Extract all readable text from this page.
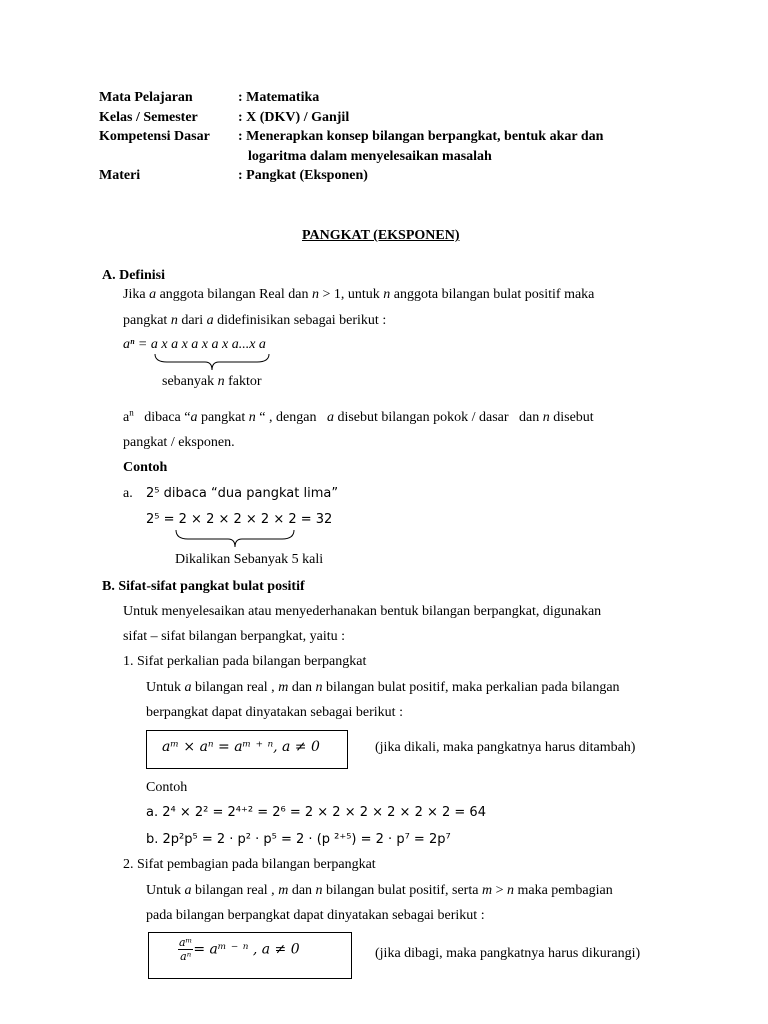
Mata Pelajaran	: Matematika
Kelas / Semester	: X (DKV) / Ganjil
Kompetensi Dasar	: Menerapkan konsep bilangan berpangkat, bentuk akar dan
	logaritma dalam menyelesaikan masalah
Materi	: Pangkat (Eksponen)
PANGKAT (EKSPONEN)
A. Definisi
Jika a anggota bilangan Real dan n > 1, untuk n anggota bilangan bulat positif maka
pangkat n dari a didefinisikan sebagai berikut :
aⁿ = a x a x a x a x a...x a
sebanyak n faktor
$a^n$   dibaca “a pangkat n “ , dengan   a disebut bilangan pokok / dasar   dan n disebut
pangkat / eksponen.
Contoh
a. 2⁵ dibaca “dua pangkat lima”
2⁵ = 2 × 2 × 2 × 2 × 2 = 32
Dikalikan Sebanyak 5 kali
B. Sifat-sifat pangkat bulat positif
Untuk menyelesaikan atau menyederhanakan bentuk bilangan berpangkat, digunakan
sifat – sifat bilangan berpangkat, yaitu :
1. Sifat perkalian pada bilangan berpangkat
Untuk a bilangan real , m dan n bilangan bulat positif, maka perkalian pada bilangan
berpangkat dapat dinyatakan sebagai berikut :
aᵐ × aⁿ = aᵐ ⁺ ⁿ, a ≠ 0	(jika dikali, maka pangkatnya harus ditambah)
Contoh
a. 2⁴ × 2² = 2⁴⁺² = 2⁶ = 2 × 2 × 2 × 2 × 2 × 2 = 64
b. 2p²p⁵ = 2 · p² · p⁵ = 2 · (p ²⁺⁵) = 2 · p⁷ = 2p⁷
2. Sifat pembagian pada bilangan berpangkat
Untuk a bilangan real , m dan n bilangan bulat positif, serta m > n maka pembagian
pada bilangan berpangkat dapat dinyatakan sebagai berikut :
$\frac{\text{aᵐ}}{\text{aⁿ}}$ = aᵐ ⁻ ⁿ , a ≠ 0	(jika dibagi, maka pangkatnya harus dikurangi)
